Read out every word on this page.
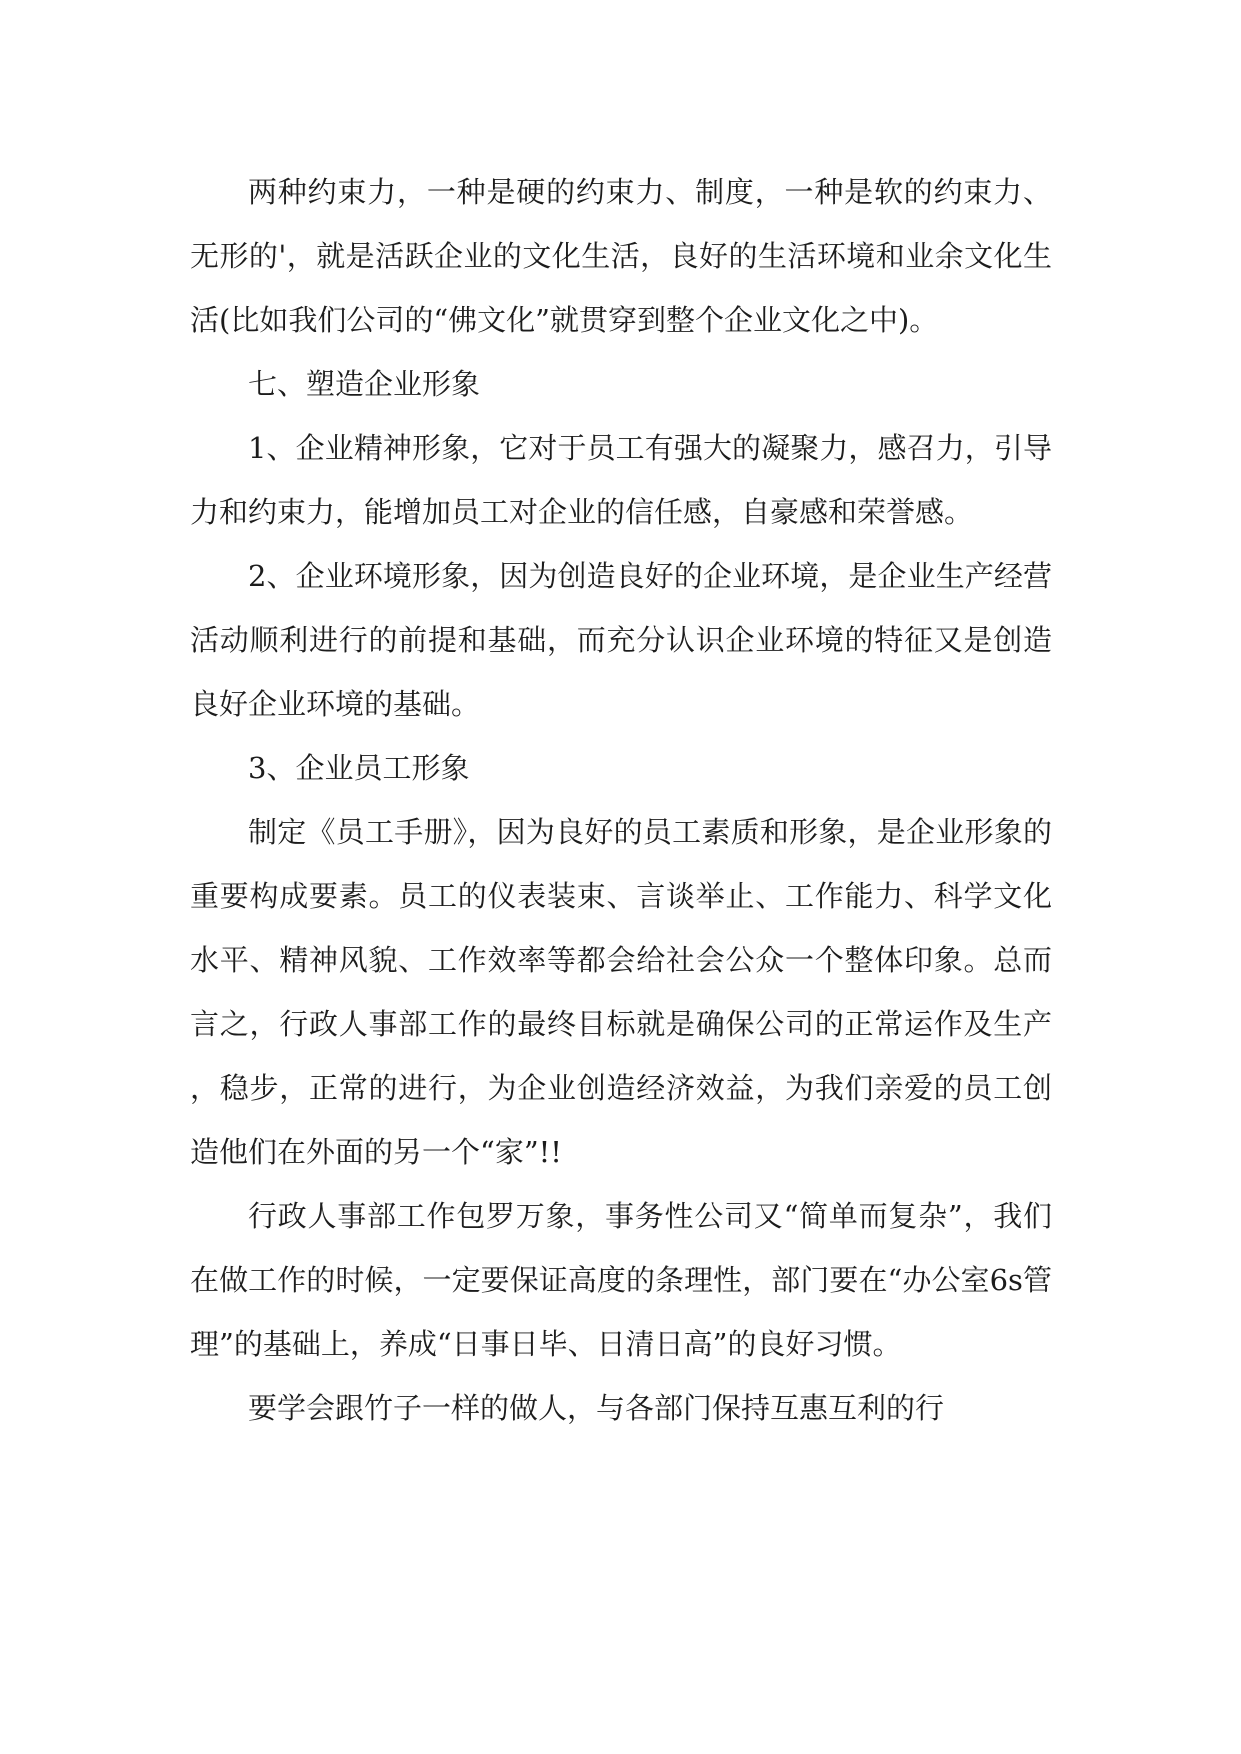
两种约束力，一种是硬的约束力、制度，一种是软的约束力、无形的'，就是活跃企业的文化生活，良好的生活环境和业余文化生活(比如我们公司的“佛文化”就贯穿到整个企业文化之中)。

七、塑造企业形象

1、企业精神形象，它对于员工有强大的凝聚力，感召力，引导力和约束力，能增加员工对企业的信任感，自豪感和荣誉感。

2、企业环境形象，因为创造良好的企业环境，是企业生产经营活动顺利进行的前提和基础，而充分认识企业环境的特征又是创造良好企业环境的基础。

3、企业员工形象

制定《员工手册》，因为良好的员工素质和形象，是企业形象的重要构成要素。员工的仪表装束、言谈举止、工作能力、科学文化水平、精神风貌、工作效率等都会给社会公众一个整体印象。总而言之，行政人事部工作的最终目标就是确保公司的正常运作及生产，稳步，正常的进行，为企业创造经济效益，为我们亲爱的员工创造他们在外面的另一个“家”!!

行政人事部工作包罗万象，事务性公司又“简单而复杂”，我们在做工作的时候，一定要保证高度的条理性，部门要在“办公室6s管理”的基础上，养成“日事日毕、日清日高”的良好习惯。

要学会跟竹子一样的做人，与各部门保持互惠互利的行
